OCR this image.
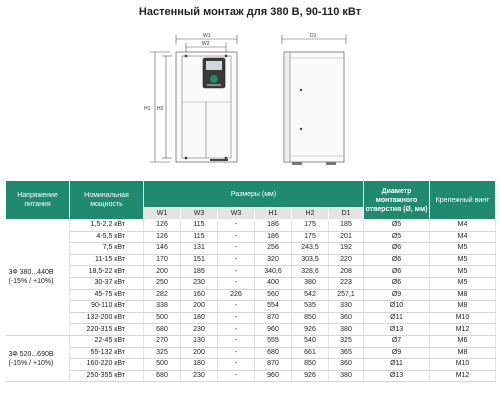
Настенный монтаж для 380 В, 90-110 кВт
W1
W2
H1 H2
D1
Напряжение питания	Номинальная мощность	Размеры (мм)						Диаметр монтажного отверстия (Ø, мм)	Крепежный винт
		W1	W3	W3	H1	H2	D1		
3Ф 380...440В (-15% / +10%)	1,5-2,2 кВт	126	115	-	186	175	185	Ø5	M4
	4-5,5 кВт	126	115	-	186	175	201	Ø5	M4
	7,5 кВт	146	131	-	256	243,5	192	Ø6	M5
	11-15 кВт	170	151	-	320	303,5	220	Ø6	M5
	18,5-22 кВт	200	185	-	340,6	328,6	208	Ø6	M5
	30-37 кВт	250	230	-	400	380	223	Ø6	M5
	45-75 кВт	282	160	226	560	542	257,1	Ø9	M8
	90-110 кВт	338	200	-	554	535	330	Ø10	M8
	132-200 кВт	500	180	-	870	850	360	Ø11	M10
	220-315 кВт	680	230	-	960	926	380	Ø13	M12
3Ф 520...690В (-15% / +10%)	22-45 кВт	270	130	-	555	540	325	Ø7	M6
	55-132 кВт	325	200	-	680	661	365	Ø9	M8
	160-220 кВт	500	180	-	870	850	360	Ø11	M10
	250-355 кВт	680	230	-	960	926	380	Ø13	M12
